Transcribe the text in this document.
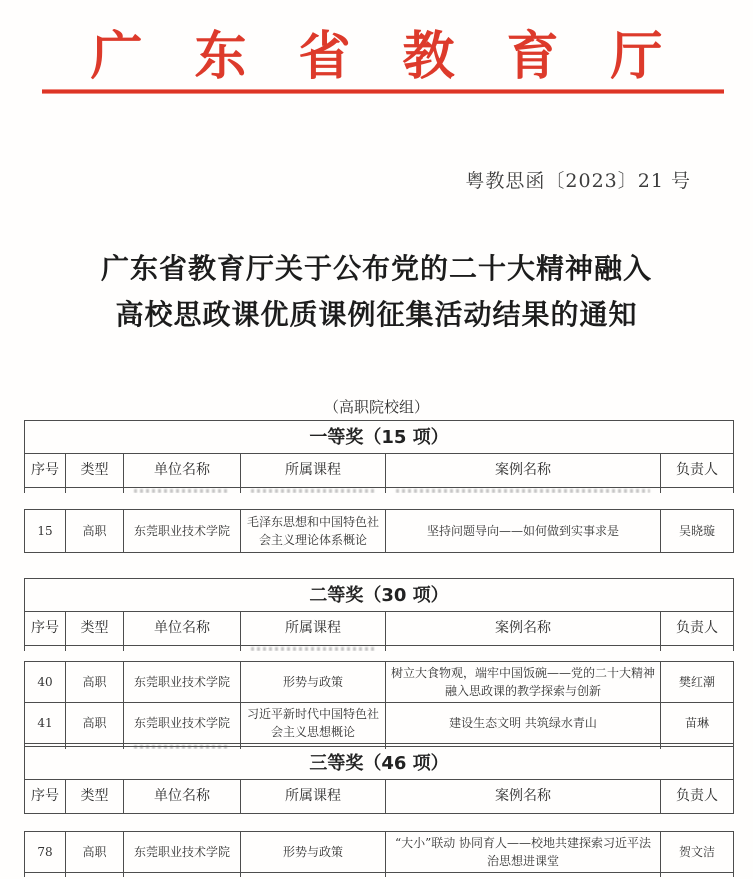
广东省教育厅
粤教思函〔2023〕21 号
广东省教育厅关于公布党的二十大精神融入
高校思政课优质课例征集活动结果的通知
（高职院校组）
一等奖（15 项）					
序号	类型	单位名称	所属课程	案例名称	负责人

15	高职	东莞职业技术学院	毛泽东思想和中国特色社会主义理论体系概论	坚持问题导向——如何做到实事求是	吴晓璇
二等奖（30 项）					
序号	类型	单位名称	所属课程	案例名称	负责人

40	高职	东莞职业技术学院	形势与政策	树立大食物观，端牢中国饭碗——党的二十大精神融入思政课的教学探索与创新	樊红潮
41	高职	东莞职业技术学院	习近平新时代中国特色社会主义思想概论	建设生态文明 共筑绿水青山	苗琳

三等奖（46 项）
序号	类型	单位名称	所属课程	案例名称	负责人
78	高职	东莞职业技术学院	形势与政策	“大小”联动 协同育人——校地共建探索习近平法治思想进课堂	贺文洁
